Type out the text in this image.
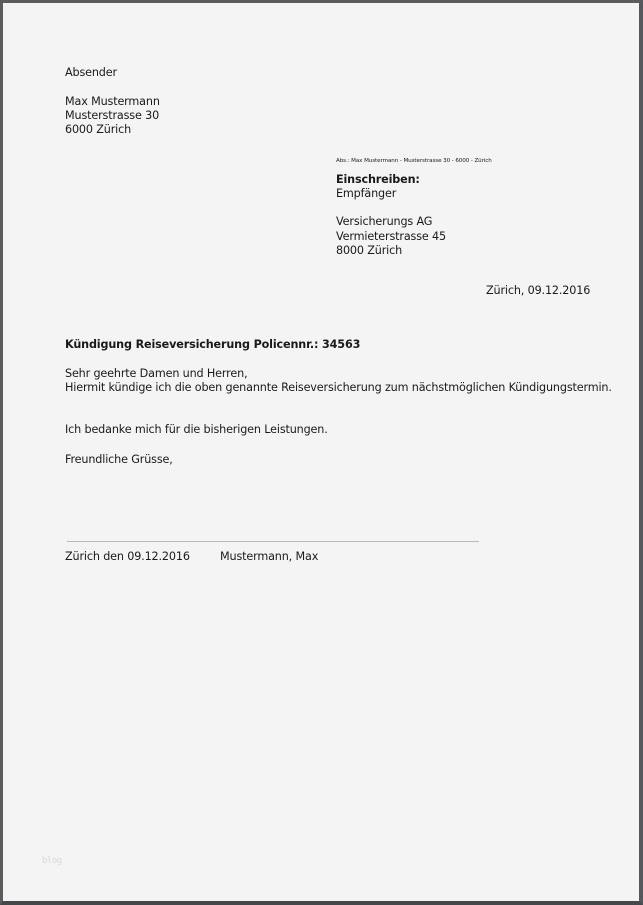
Absender
Max Mustermann
Musterstrasse 30
6000 Zürich
Abs.: Max Mustermann - Musterstrasse 30 - 6000 - Zürich
Einschreiben:
Empfänger
Versicherungs AG
Vermieterstrasse 45
8000 Zürich
Zürich, 09.12.2016
Kündigung Reiseversicherung Policennr.: 34563
Sehr geehrte Damen und Herren,
Hiermit kündige ich die oben genannte Reiseversicherung zum nächstmöglichen Kündigungstermin.
Ich bedanke mich für die bisherigen Leistungen.
Freundliche Grüsse,
Zürich den 09.12.2016	Mustermann, Max
blog
